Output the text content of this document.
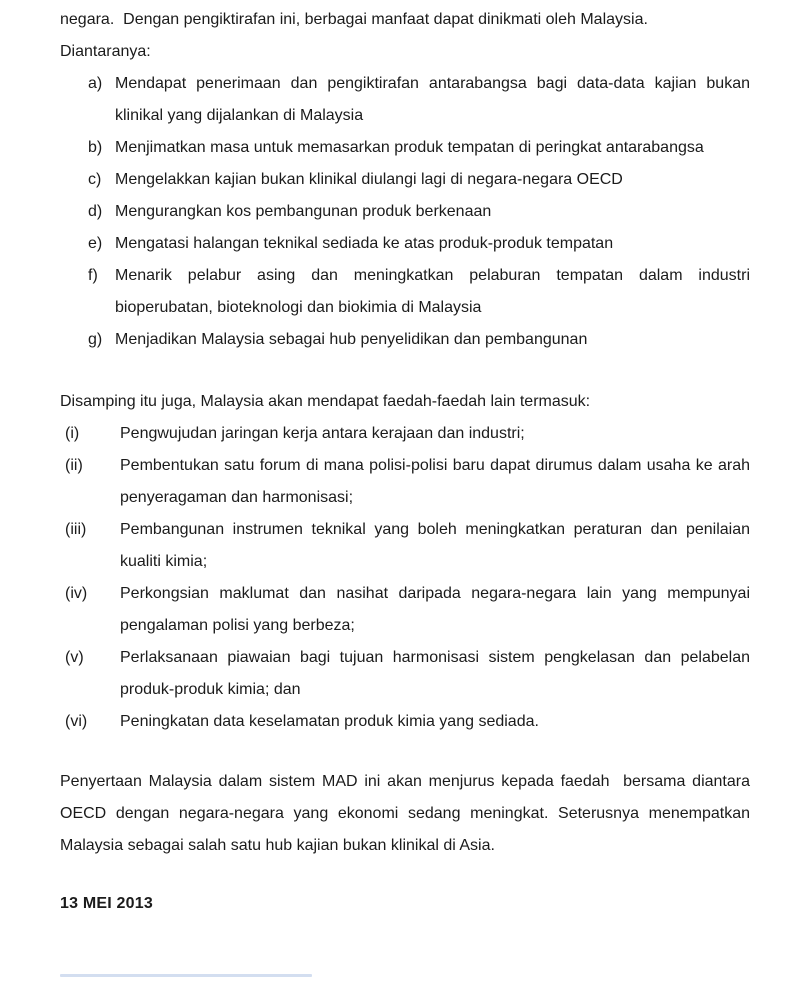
negara.  Dengan pengiktirafan ini, berbagai manfaat dapat dinikmati oleh Malaysia.

Diantaranya:

a) Mendapat penerimaan dan pengiktirafan antarabangsa bagi data-data kajian bukan klinikal yang dijalankan di Malaysia
b) Menjimatkan masa untuk memasarkan produk tempatan di peringkat antarabangsa
c) Mengelakkan kajian bukan klinikal diulangi lagi di negara-negara OECD
d) Mengurangkan kos pembangunan produk berkenaan
e) Mengatasi halangan teknikal sediada ke atas produk-produk tempatan
f)	Menarik pelabur asing dan meningkatkan pelaburan tempatan dalam industri bioperubatan, bioteknologi dan biokimia di Malaysia
g) Menjadikan Malaysia sebagai hub penyelidikan dan pembangunan

Disamping itu juga, Malaysia akan mendapat faedah-faedah lain termasuk:

(i)	Pengwujudan jaringan kerja antara kerajaan dan industri;
(ii)	Pembentukan satu forum di mana polisi-polisi baru dapat dirumus dalam usaha ke arah penyeragaman dan harmonisasi;
(iii)	Pembangunan instrumen teknikal yang boleh meningkatkan peraturan dan penilaian kualiti kimia;
(iv)	Perkongsian maklumat dan nasihat daripada negara-negara lain yang mempunyai pengalaman polisi yang berbeza;
(v)	Perlaksanaan piawaian bagi tujuan harmonisasi sistem pengkelasan dan pelabelan produk-produk kimia; dan
(vi)	Peningkatan data keselamatan produk kimia yang sediada.

Penyertaan Malaysia dalam sistem MAD ini akan menjurus kepada faedah  bersama diantara OECD dengan negara-negara yang ekonomi sedang meningkat. Seterusnya menempatkan Malaysia sebagai salah satu hub kajian bukan klinikal di Asia.

13 MEI 2013
